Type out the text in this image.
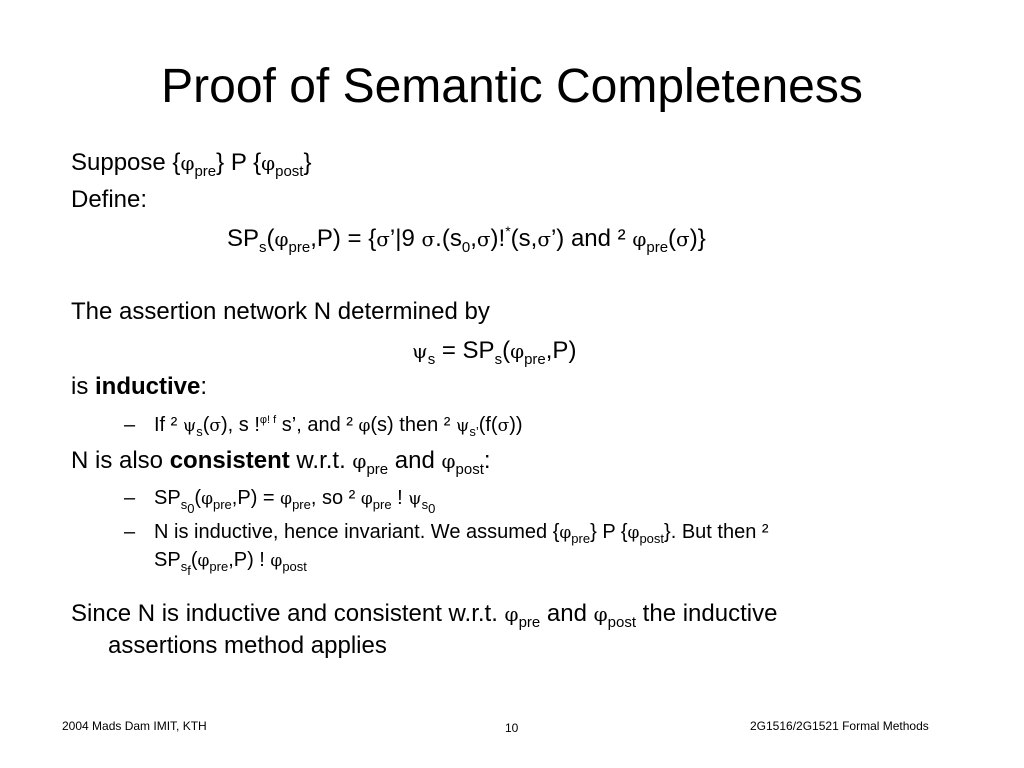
Proof of Semantic Completeness
Suppose $\{\varphi_{pre}\}$ P $\{\varphi_{post}\}$
Define:
$SP_s(\varphi_{pre},P)$ = {σ’|9 $\sigma.(s_0,\sigma)!^*(s,\sigma’)$ and ² $\varphi_{pre}(\sigma)$}
The assertion network N determined by
$\psi_s = SP_s(\varphi_{pre},P)$
is inductive:
– If ² $\psi_s(\sigma)$, s !$^{\varphi! f}$ s’, and ² φ(s) then ² $\psi_{s’}(f(\sigma))$
N is also consistent w.r.t. $\varphi_{pre}$ and $\varphi_{post}$:
– $SP_{s0}(\varphi_{pre},P) = \varphi_{pre}$, so ² $\varphi_{pre}$ ! $\psi_{s0}$
– N is inductive, hence invariant. We assumed $\{\varphi_{pre}\}$ P $\{\varphi_{post}\}$. But then ²
$SP_{sf}(\varphi_{pre},P)$ ! $\varphi_{post}$
Since N is inductive and consistent w.r.t. $\varphi_{pre}$ and $\varphi_{post}$ the inductive
assertions method applies
2004 Mads Dam IMIT, KTH	10	2G1516/2G1521 Formal Methods
